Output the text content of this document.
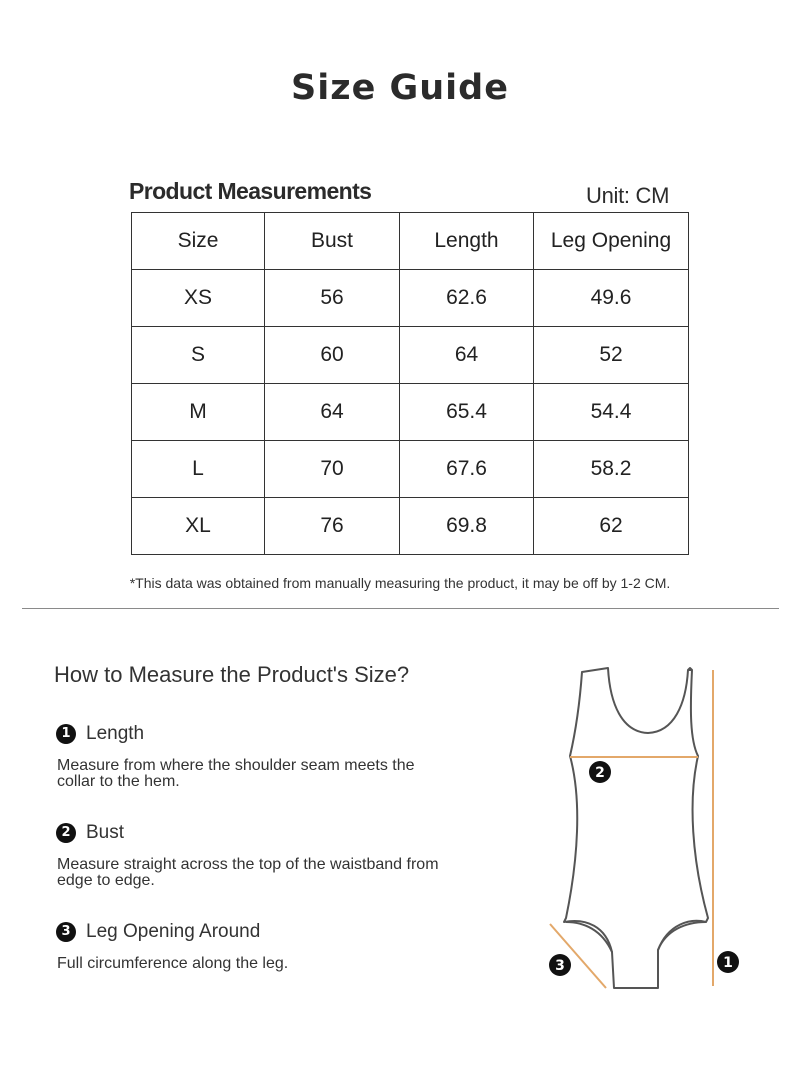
Size Guide
Product Measurements	Unit: CM
Size	Bust	Length	Leg Opening
XS	56	62.6	49.6
S	60	64	52
M	64	65.4	54.4
L	70	67.6	58.2
XL	76	69.8	62
*This data was obtained from manually measuring the product, it may be off by 1-2 CM.
How to Measure the Product's Size?
1 Length
Measure from where the shoulder seam meets the collar to the hem.
2 Bust
Measure straight across the top of the waistband from edge to edge.
3 Leg Opening Around
Full circumference along the leg.
2
3	1
